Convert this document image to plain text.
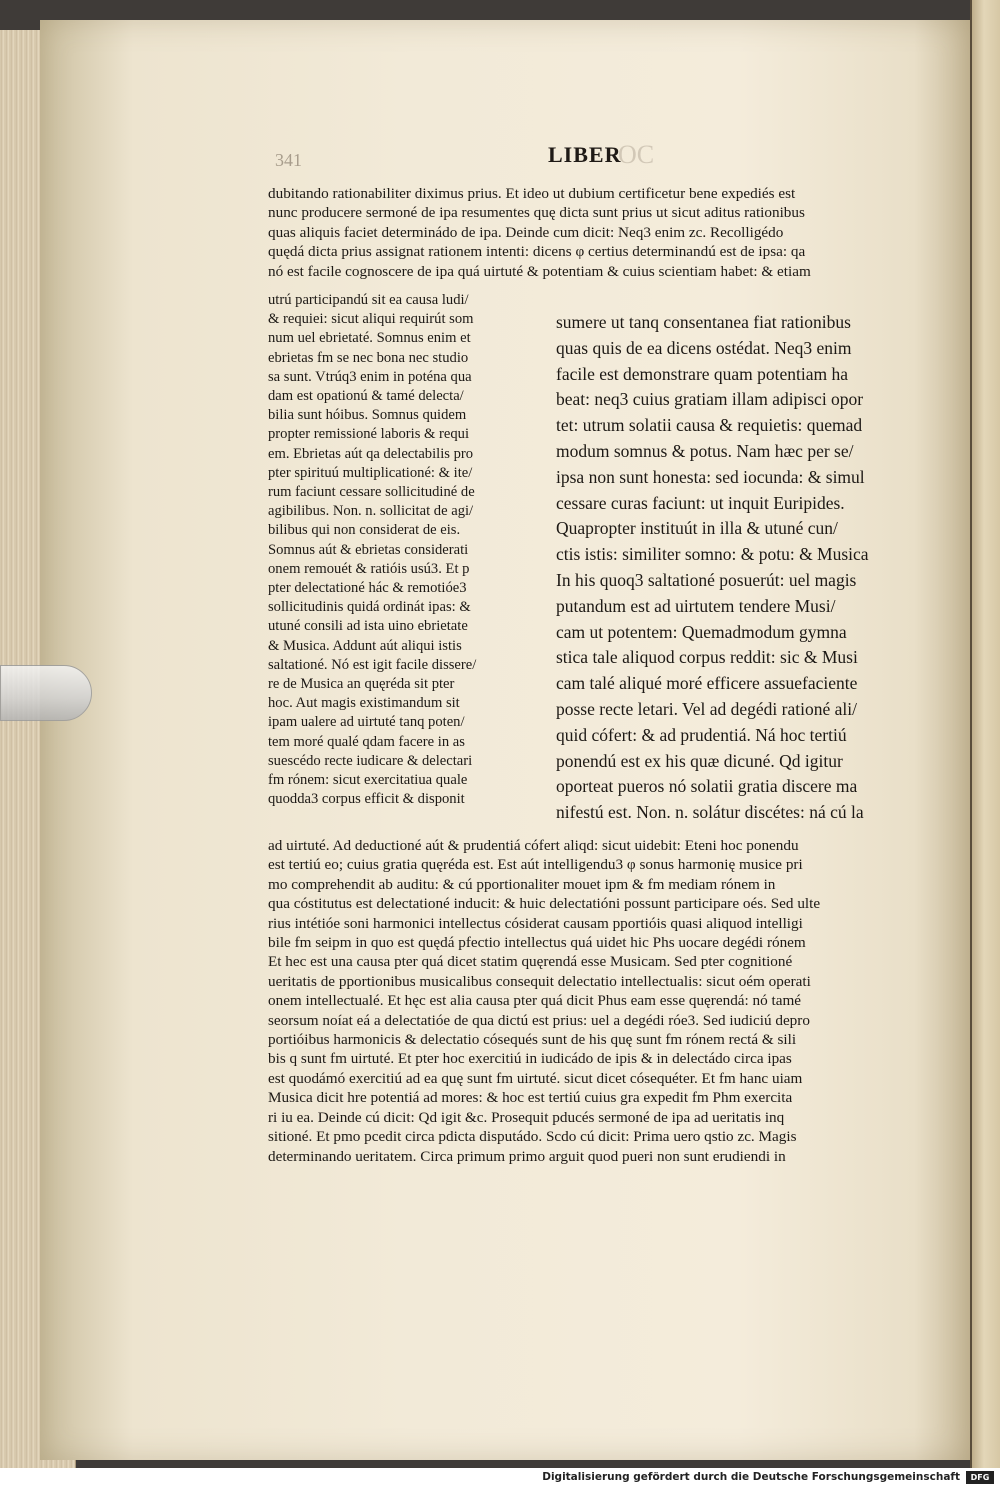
341	LIBER
OC
dubitando rationabiliter diximus prius. Et ideo ut dubium certificetur bene expediés est
nunc producere sermoné de ipa resumentes quę dicta sunt prius ut sicut aditus rationibus
quas aliquis faciet determinádo de ipa. Deinde cum dicit: Neq3 enim zc. Recolligédo
quędá dicta prius assignat rationem intenti: dicens φ certius determinandú est de ipsa: qa
nó est facile cognoscere de ipa quá uirtuté & potentiam & cuius scientiam habet: & etiam
utrú participandú sit ea causa ludi/
& requiei: sicut aliqui requirút som
num uel ebrietaté. Somnus enim et
ebrietas fm se nec bona nec studio
sa sunt. Vtrúq3 enim in poténa qua
dam est opationú & tamé delecta/
bilia sunt hóibus. Somnus quidem
propter remissioné laboris & requi
em. Ebrietas aút qa delectabilis pro
pter spirituú multiplicationé: & ite/
rum faciunt cessare sollicitudiné de
agibilibus. Non. n. sollicitat de agi/
bilibus qui non considerat de eis.
Somnus aút & ebrietas considerati
onem remouét & ratióis usú3. Et p
pter delectationé hác & remotióe3
sollicitudinis quidá ordinát ipas: &
utuné consili ad ista uino ebrietate
& Musica. Addunt aút aliqui istis
saltationé. Nó est igit facile dissere/
re de Musica an quęréda sit pter
hoc. Aut magis existimandum sit
ipam ualere ad uirtuté tanq poten/
tem moré qualé qdam facere in as
suescédo recte iudicare & delectari
fm rónem: sicut exercitatiua quale
quodda3 corpus efficit & disponit
sumere ut tanq consentanea fiat rationibus
quas quis de ea dicens ostédat. Neq3 enim
facile est demonstrare quam potentiam ha
beat: neq3 cuius gratiam illam adipisci opor
tet: utrum solatii causa & requietis: quemad
modum somnus & potus. Nam hæc per se/
ipsa non sunt honesta: sed iocunda: & simul
cessare curas faciunt: ut inquit Euripides.
Quapropter instituút in illa & utuné cun/
ctis istis: similiter somno: & potu: & Musica
In his quoq3 saltationé posuerút: uel magis
putandum est ad uirtutem tendere Musi/
cam ut potentem: Quemadmodum gymna
stica tale aliquod corpus reddit: sic & Musi
cam talé aliqué moré efficere assuefaciente
posse recte letari. Vel ad degédi rationé ali/
quid cófert: & ad prudentiá. Ná hoc tertiú
ponendú est ex his quæ dicuné. Qd igitur
oporteat pueros nó solatii gratia discere ma
nifestú est. Non. n. solátur discétes: ná cú la
ad uirtuté. Ad deductioné aút & prudentiá cófert aliqd: sicut uidebit: Eteni hoc ponendu
est tertiú eo; cuius gratia quęréda est. Est aút intelligendu3 φ sonus harmonię musice pri
mo comprehendit ab auditu: & cú pportionaliter mouet ipm & fm mediam rónem in
qua cóstitutus est delectationé inducit: & huic delectatióni possunt participare oés. Sed ulte
rius intétióe soni harmonici intellectus cósiderat causam pportióis quasi aliquod intelligi
bile fm seipm in quo est quędá pfectio intellectus quá uidet hic Phs uocare degédi rónem
Et hec est una causa pter quá dicet statim quęrendá esse Musicam. Sed pter cognitioné
ueritatis de pportionibus musicalibus consequit delectatio intellectualis: sicut oém operati
onem intellectualé. Et hęc est alia causa pter quá dicit Phus eam esse quęrendá: nó tamé
seorsum noíat eá a delectatióe de qua dictú est prius: uel a degédi róe3. Sed iudiciú depro
portióibus harmonicis & delectatio cósequés sunt de his quę sunt fm rónem rectá & sili
bis q sunt fm uirtuté. Et pter hoc exercitiú in iudicádo de ipis & in delectádo circa ipas
est quodámó exercitiú ad ea quę sunt fm uirtuté. sicut dicet cósequéter. Et fm hanc uiam
Musica dicit hre potentiá ad mores: & hoc est tertiú cuius gra expedit fm Phm exercita
ri iu ea. Deinde cú dicit: Qd igit &c. Prosequit pducés sermoné de ipa ad ueritatis inq
sitioné. Et pmo pcedit circa pdicta disputádo. Scdo cú dicit: Prima uero qstio zc. Magis
determinando ueritatem. Circa primum primo arguit quod pueri non sunt erudiendi in
Digitalisierung gefördert durch die Deutsche Forschungsgemeinschaft	DFG
